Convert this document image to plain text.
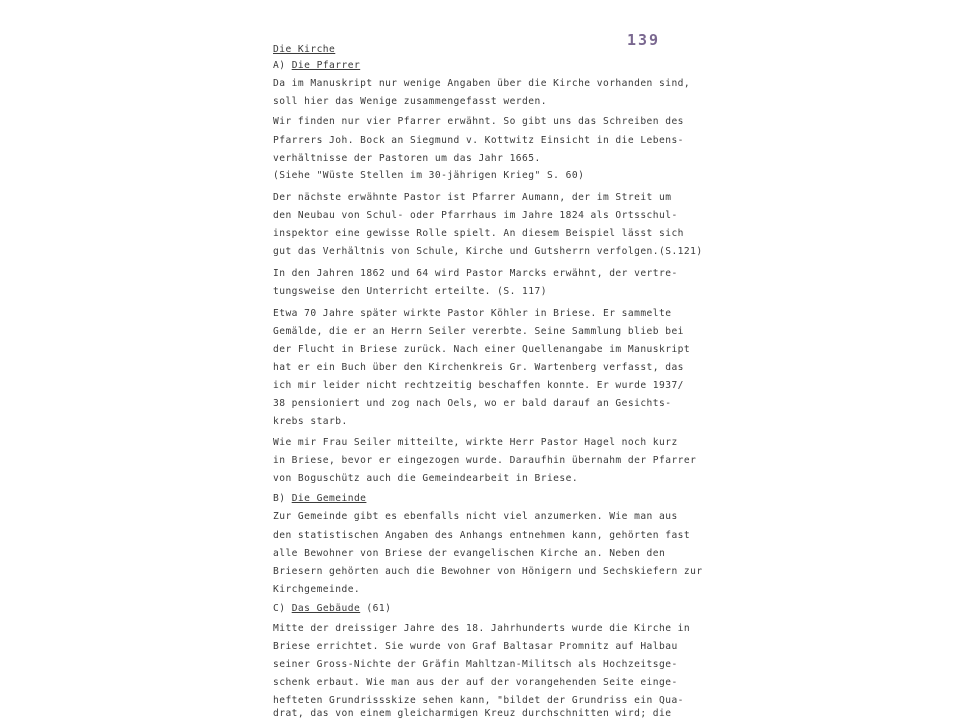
139
Die Kirche
A) Die Pfarrer
Da im Manuskript nur wenige Angaben über die Kirche vorhanden sind,
soll hier das Wenige zusammengefasst werden.
Wir finden nur vier Pfarrer erwähnt. So gibt uns das Schreiben des
Pfarrers Joh. Bock an Siegmund v. Kottwitz Einsicht in die Lebens-
verhältnisse der Pastoren um das Jahr 1665.
(Siehe "Wüste Stellen im 30-jährigen Krieg" S. 60)
Der nächste erwähnte Pastor ist Pfarrer Aumann, der im Streit um
den Neubau von Schul- oder Pfarrhaus im Jahre 1824 als Ortsschul-
inspektor eine gewisse Rolle spielt. An diesem Beispiel lässt sich
gut das Verhältnis von Schule, Kirche und Gutsherrn verfolgen.(S.121)
In den Jahren 1862 und 64 wird Pastor Marcks erwähnt, der vertre-
tungsweise den Unterricht erteilte. (S. 117)
Etwa 70 Jahre später wirkte Pastor Köhler in Briese. Er sammelte
Gemälde, die er an Herrn Seiler vererbte. Seine Sammlung blieb bei
der Flucht in Briese zurück. Nach einer Quellenangabe im Manuskript
hat er ein Buch über den Kirchenkreis Gr. Wartenberg verfasst, das
ich mir leider nicht rechtzeitig beschaffen konnte. Er wurde 1937/
38 pensioniert und zog nach Oels, wo er bald darauf an Gesichts-
krebs starb.
Wie mir Frau Seiler mitteilte, wirkte Herr Pastor Hagel noch kurz
in Briese, bevor er eingezogen wurde. Daraufhin übernahm der Pfarrer
von Boguschütz auch die Gemeindearbeit in Briese.
B) Die Gemeinde
Zur Gemeinde gibt es ebenfalls nicht viel anzumerken. Wie man aus
den statistischen Angaben des Anhangs entnehmen kann, gehörten fast
alle Bewohner von Briese der evangelischen Kirche an. Neben den
Briesern gehörten auch die Bewohner von Hönigern und Sechskiefern zur
Kirchgemeinde.
C) Das Gebäude (61)
Mitte der dreissiger Jahre des 18. Jahrhunderts wurde die Kirche in
Briese errichtet. Sie wurde von Graf Baltasar Promnitz auf Halbau
seiner Gross-Nichte der Gräfin Mahltzan-Militsch als Hochzeitsge-
schenk erbaut. Wie man aus der auf der vorangehenden Seite einge-
hefteten Grundrissskize sehen kann, "bildet der Grundriss ein Qua-
drat, das von einem gleicharmigen Kreuz durchschnitten wird; die
